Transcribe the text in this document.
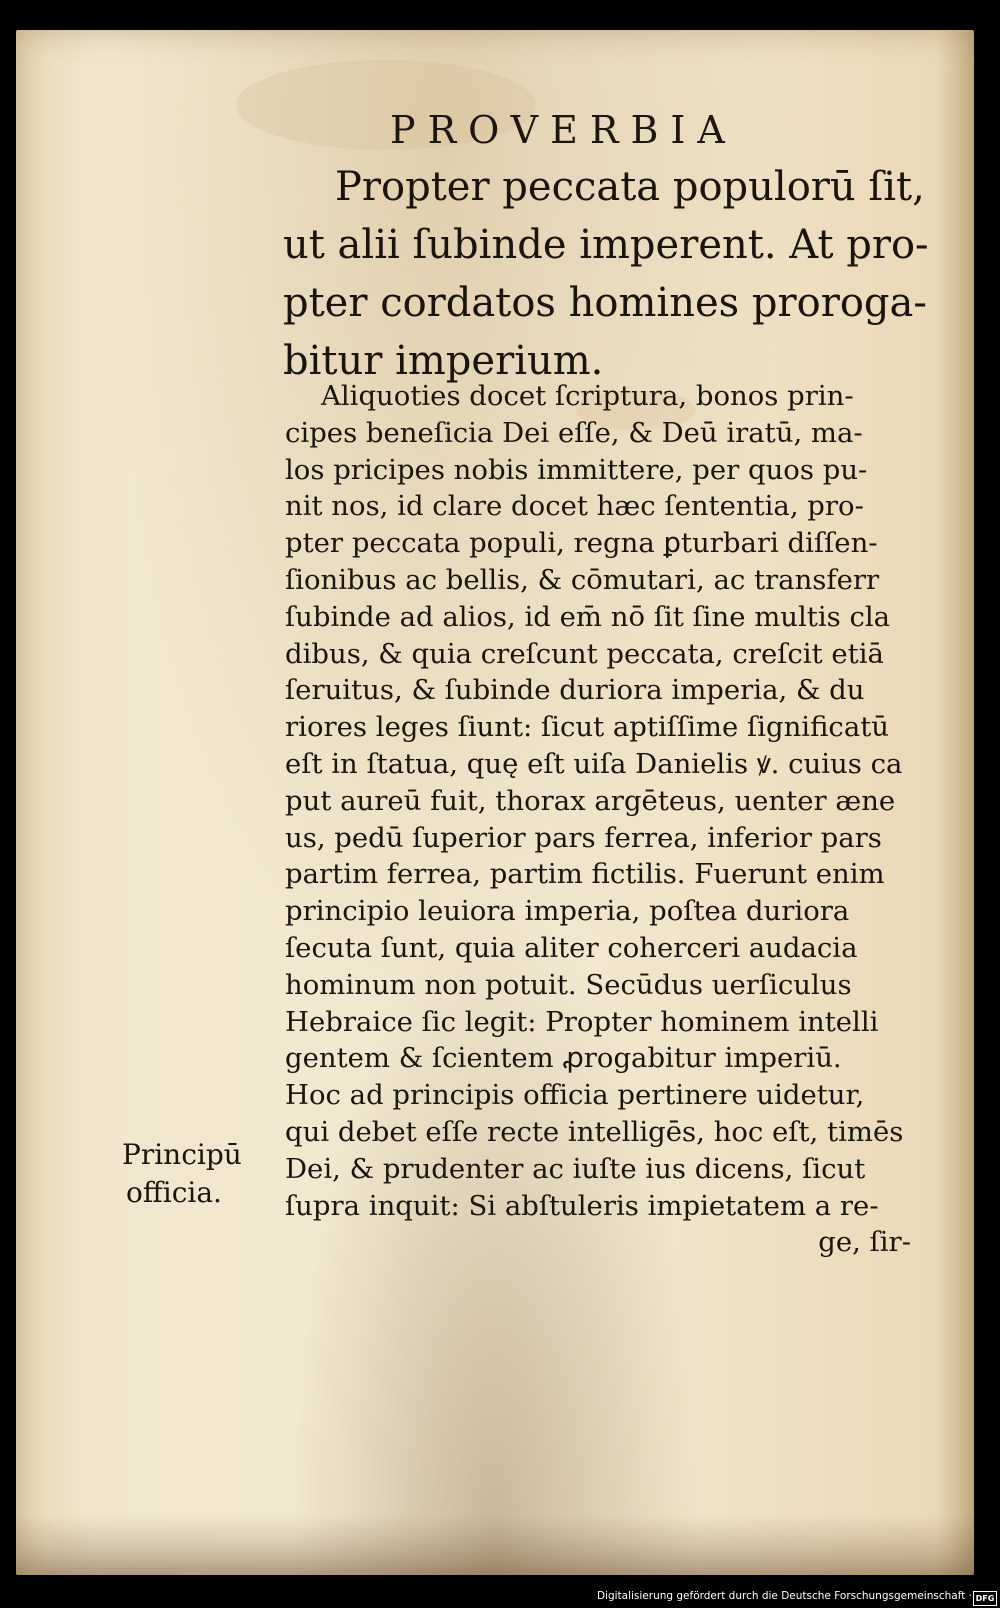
PROVERBIA
Propter peccata populorū ſit,
ut alii ſubinde imperent. At pro‑
pter cordatos homines proroga‑
bitur imperium.
Aliquoties docet ſcriptura, bonos prin‑
cipes beneſicia Dei eſſe, & Deū iratū, ma‑
los pricipes nobis immittere, per quos pu‑
nit nos, id clare docet hæc ſententia, pro‑
pter peccata populi, regna ꝑturbari diſſen‑
ſionibus ac bellis, & cōmutari, ac transferr
ſubinde ad alios, id em̄ nō ſit ſine multis cla
dibus, & quia creſcunt peccata, creſcit etiā
ſeruitus, & ſubinde duriora imperia, & du
riores leges ſiunt: ſicut aptiſſime ſignificatū
eſt in ſtatua, quę eſt uiſa Danielis ꝟ. cuius ca
put aureū fuit, thorax argēteus, uenter æne
us, pedū ſuperior pars ferrea, inferior pars
partim ferrea, partim fictilis. Fuerunt enim
principio leuiora imperia, poſtea duriora
ſecuta ſunt, quia aliter coherceri audacia
hominum non potuit. Secūdus uerſiculus
Hebraice ſic legit: Propter hominem intelli
gentem & ſcientem ꝓrogabitur imperiū.
Hoc ad principis officia pertinere uidetur,
qui debet eſſe recte intelligēs, hoc eſt, timēs
Dei, & prudenter ac iuſte ius dicens, ſicut
ſupra inquit: Si abſtuleris impietatem a re‑
ge, ſir‑
Principū
officia.
Digitalisierung gefördert durch die Deutsche Forschungsgemeinschaft · DFG
